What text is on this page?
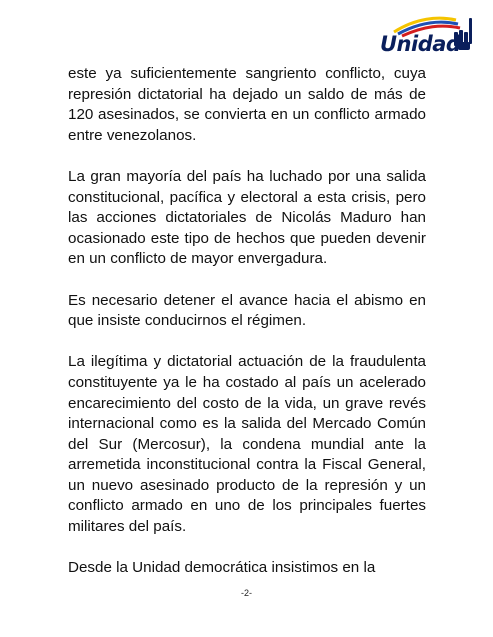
Unidad

este ya suficientemente sangriento conflicto, cuya represión dictatorial ha dejado un saldo de más de 120 asesinados, se convierta en un conflicto armado entre venezolanos.

La gran mayoría del país ha luchado por una salida constitucional, pacífica y electoral a esta crisis, pero las acciones dictatoriales de Nicolás Maduro han ocasionado este tipo de hechos que pueden devenir en un conflicto de mayor envergadura.

Es necesario detener el avance hacia el abismo en que insiste conducirnos el régimen.

La ilegítima y dictatorial actuación de la fraudulenta constituyente ya le ha costado al país un acelerado encarecimiento del costo de la vida, un grave revés internacional como es la salida del Mercado Común del Sur (Mercosur), la condena mundial ante la arremetida inconstitucional contra la Fiscal General, un nuevo asesinado producto de la represión y un conflicto armado en uno de los principales fuertes militares del país.

Desde la Unidad democrática insistimos en la

-2-
